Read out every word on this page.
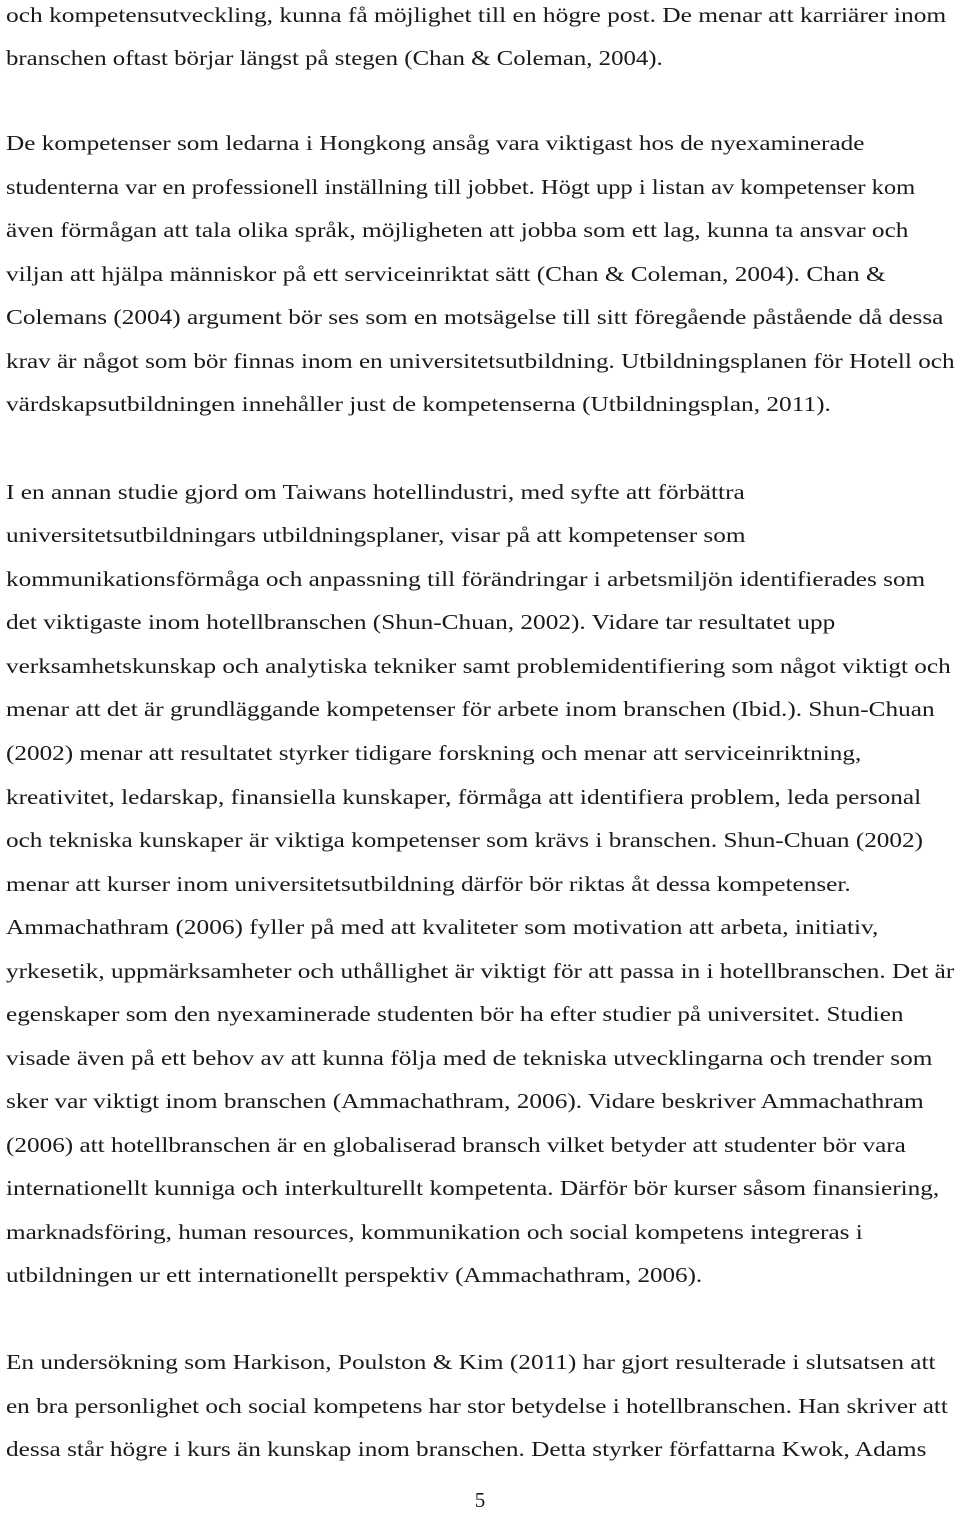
och kompetensutveckling, kunna få möjlighet till en högre post. De menar att karriärer inom
branschen oftast börjar längst på stegen (Chan & Coleman, 2004).
De kompetenser som ledarna i Hongkong ansåg vara viktigast hos de nyexaminerade
studenterna var en professionell inställning till jobbet. Högt upp i listan av kompetenser kom
även förmågan att tala olika språk, möjligheten att jobba som ett lag, kunna ta ansvar och
viljan att hjälpa människor på ett serviceinriktat sätt (Chan & Coleman, 2004). Chan &
Colemans (2004) argument bör ses som en motsägelse till sitt föregående påstående då dessa
krav är något som bör finnas inom en universitetsutbildning. Utbildningsplanen för Hotell och
värdskapsutbildningen innehåller just de kompetenserna (Utbildningsplan, 2011).
I en annan studie gjord om Taiwans hotellindustri, med syfte att förbättra
universitetsutbildningars utbildningsplaner, visar på att kompetenser som
kommunikationsförmåga och anpassning till förändringar i arbetsmiljön identifierades som
det viktigaste inom hotellbranschen (Shun-Chuan, 2002). Vidare tar resultatet upp
verksamhetskunskap och analytiska tekniker samt problemidentifiering som något viktigt och
menar att det är grundläggande kompetenser för arbete inom branschen (Ibid.). Shun-Chuan
(2002) menar att resultatet styrker tidigare forskning och menar att serviceinriktning,
kreativitet, ledarskap, finansiella kunskaper, förmåga att identifiera problem, leda personal
och tekniska kunskaper är viktiga kompetenser som krävs i branschen. Shun-Chuan (2002)
menar att kurser inom universitetsutbildning därför bör riktas åt dessa kompetenser.
Ammachathram (2006) fyller på med att kvaliteter som motivation att arbeta, initiativ,
yrkesetik, uppmärksamheter och uthållighet är viktigt för att passa in i hotellbranschen. Det är
egenskaper som den nyexaminerade studenten bör ha efter studier på universitet. Studien
visade även på ett behov av att kunna följa med de tekniska utvecklingarna och trender som
sker var viktigt inom branschen (Ammachathram, 2006). Vidare beskriver Ammachathram
(2006) att hotellbranschen är en globaliserad bransch vilket betyder att studenter bör vara
internationellt kunniga och interkulturellt kompetenta. Därför bör kurser såsom finansiering,
marknadsföring, human resources, kommunikation och social kompetens integreras i
utbildningen ur ett internationellt perspektiv (Ammachathram, 2006).
En undersökning som Harkison, Poulston & Kim (2011) har gjort resulterade i slutsatsen att
en bra personlighet och social kompetens har stor betydelse i hotellbranschen. Han skriver att
dessa står högre i kurs än kunskap inom branschen. Detta styrker författarna Kwok, Adams
5
